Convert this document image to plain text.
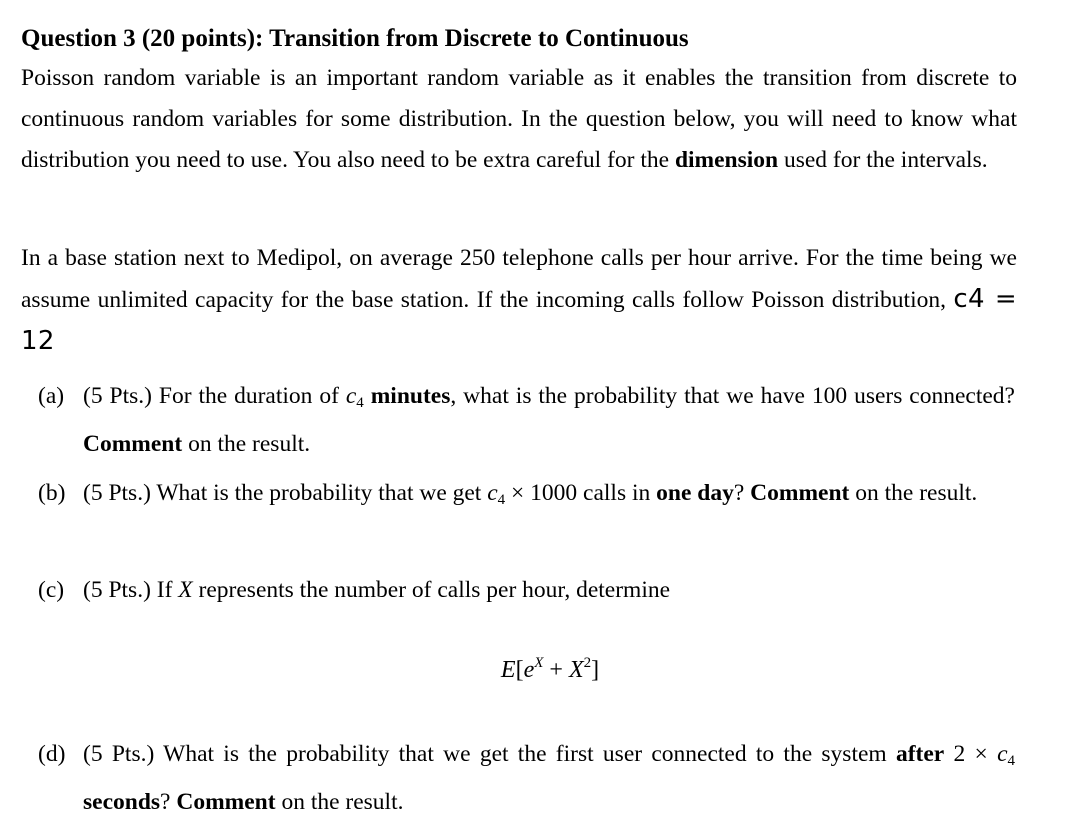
Question 3 (20 points): Transition from Discrete to Continuous
Poisson random variable is an important random variable as it enables the transition from discrete to continuous random variables for some distribution. In the question below, you will need to know what distribution you need to use. You also need to be extra careful for the dimension used for the intervals.
In a base station next to Medipol, on average 250 telephone calls per hour arrive. For the time being we assume unlimited capacity for the base station. If the incoming calls follow Poisson distribution, c4 = 12
(a) (5 Pts.) For the duration of $c_4$ minutes, what is the probability that we have 100 users connected? Comment on the result.
(b) (5 Pts.) What is the probability that we get $c_4 \times 1000$ calls in one day? Comment on the result.
(c) (5 Pts.) If X represents the number of calls per hour, determine
$E[e^X + X^2]$
(d) (5 Pts.) What is the probability that we get the first user connected to the system after $2 \times c_4$ seconds? Comment on the result.
